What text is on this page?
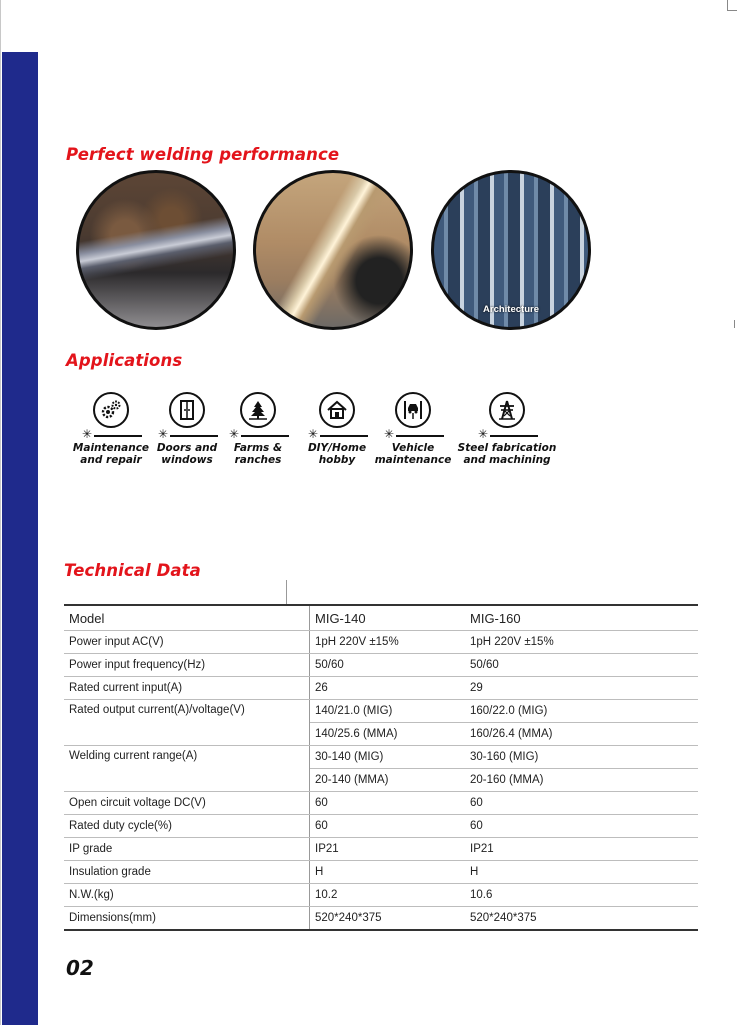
Perfect welding performance
Architecture
Applications
✳
Maintenance
and repair
✳
Doors and
windows
✳
Farms &
ranches
✳
DIY/Home
hobby
✳
Vehicle
maintenance
✳
Steel fabrication
and machining
Technical Data
Model	MIG-140	MIG-160
Power input AC(V)	1pH 220V ±15%	1pH 220V ±15%
Power input frequency(Hz)	50/60	50/60
Rated current input(A)	26	29
Rated output current(A)/voltage(V)	140/21.0 (MIG)	160/22.0 (MIG)
	140/25.6 (MMA)	160/26.4 (MMA)
Welding current range(A)	30-140 (MIG)	30-160 (MIG)
	20-140 (MMA)	20-160 (MMA)
Open circuit voltage DC(V)	60	60
Rated duty cycle(%)	60	60
IP grade	IP21	IP21
Insulation grade	H	H
N.W.(kg)	10.2	10.6
Dimensions(mm)	520*240*375	520*240*375

02
